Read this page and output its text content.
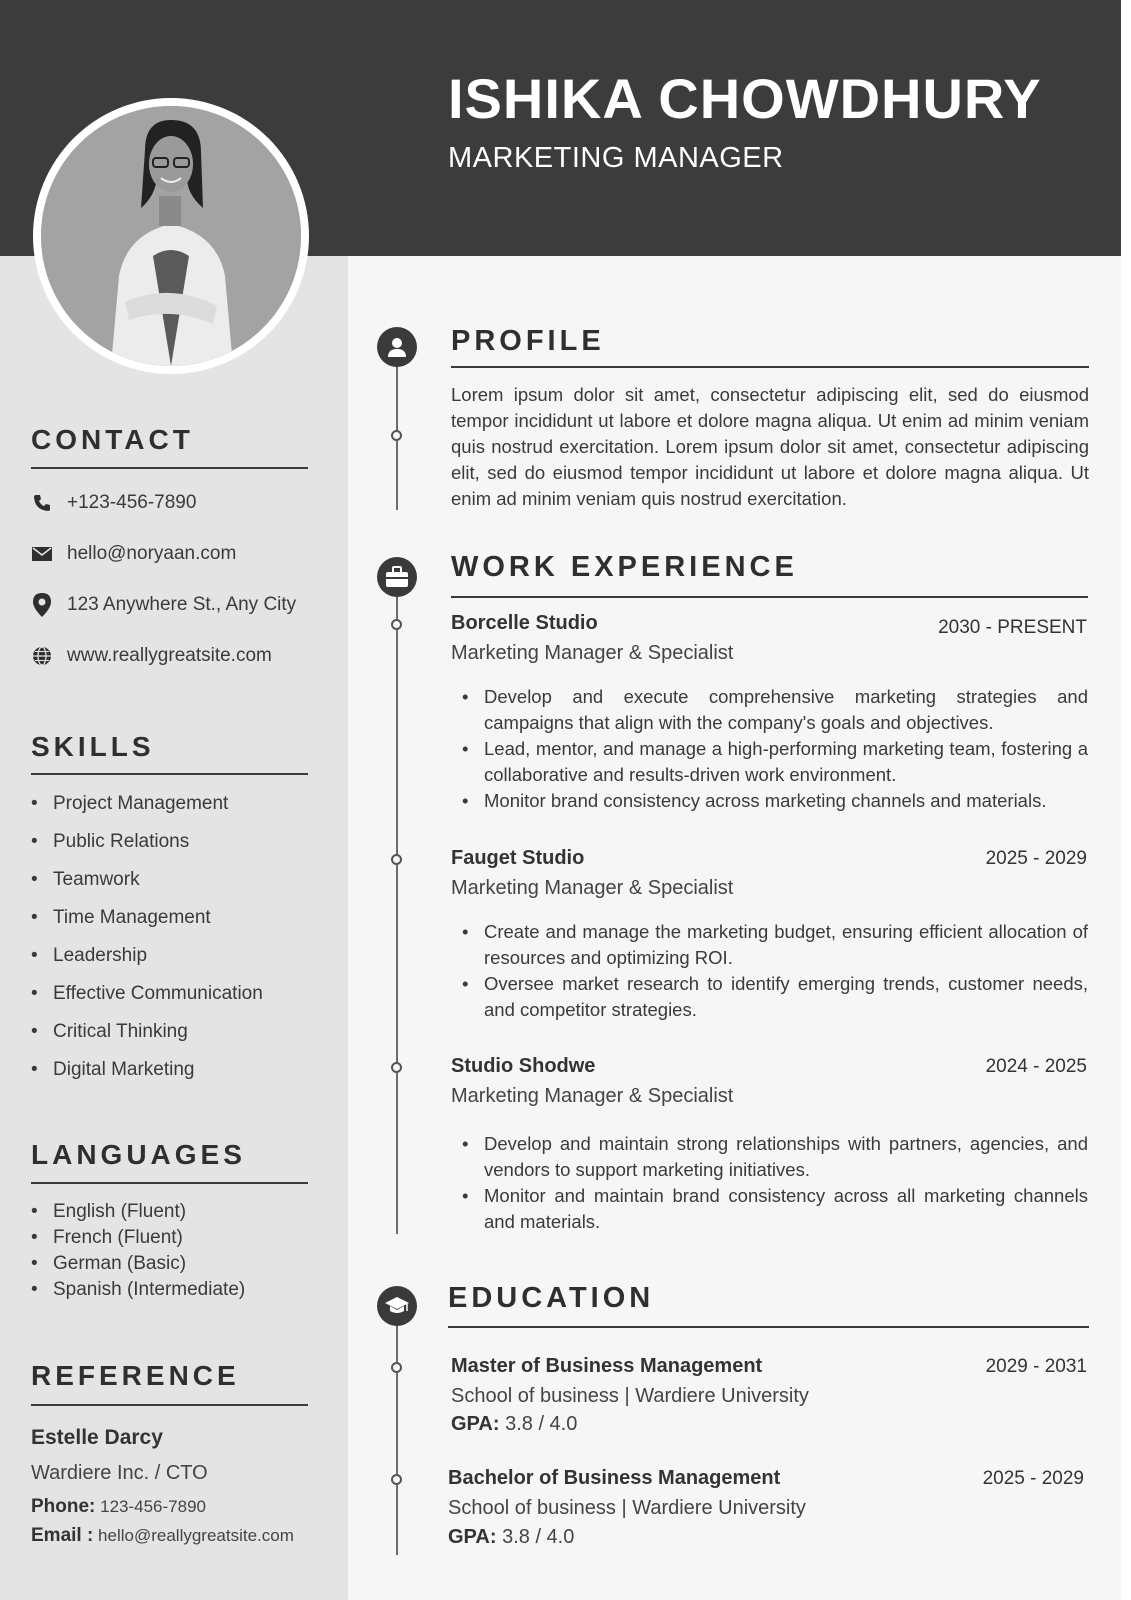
ISHIKA CHOWDHURY
MARKETING MANAGER
CONTACT
+123-456-7890
hello@noryaan.com
123 Anywhere St., Any City
www.reallygreatsite.com
SKILLS
• Project Management
• Public Relations
• Teamwork
• Time Management
• Leadership
• Effective Communication
• Critical Thinking
• Digital Marketing
LANGUAGES
• English (Fluent)
• French (Fluent)
• German (Basic)
• Spanish (Intermediate)
REFERENCE
Estelle Darcy
Wardiere Inc. / CTO
Phone: 123-456-7890
Email : hello@reallygreatsite.com
PROFILE
Lorem ipsum dolor sit amet, consectetur adipiscing elit, sed do eiusmod tempor incididunt ut labore et dolore magna aliqua. Ut enim ad minim veniam quis nostrud exercitation. Lorem ipsum dolor sit amet, consectetur adipiscing elit, sed do eiusmod tempor incididunt ut labore et dolore magna aliqua. Ut enim ad minim veniam quis nostrud exercitation.
WORK EXPERIENCE
Borcelle Studio	2030 - PRESENT
Marketing Manager & Specialist
• Develop and execute comprehensive marketing strategies and campaigns that align with the company's goals and objectives.
• Lead, mentor, and manage a high-performing marketing team, fostering a collaborative and results-driven work environment.
• Monitor brand consistency across marketing channels and materials.
Fauget Studio	2025 - 2029
Marketing Manager & Specialist
• Create and manage the marketing budget, ensuring efficient allocation of resources and optimizing ROI.
• Oversee market research to identify emerging trends, customer needs, and competitor strategies.
Studio Shodwe	2024 - 2025
Marketing Manager & Specialist
• Develop and maintain strong relationships with partners, agencies, and vendors to support marketing initiatives.
• Monitor and maintain brand consistency across all marketing channels and materials.
EDUCATION
Master of Business Management	2029 - 2031
School of business | Wardiere University
GPA: 3.8 / 4.0
Bachelor of Business Management	2025 - 2029
School of business | Wardiere University
GPA: 3.8 / 4.0
